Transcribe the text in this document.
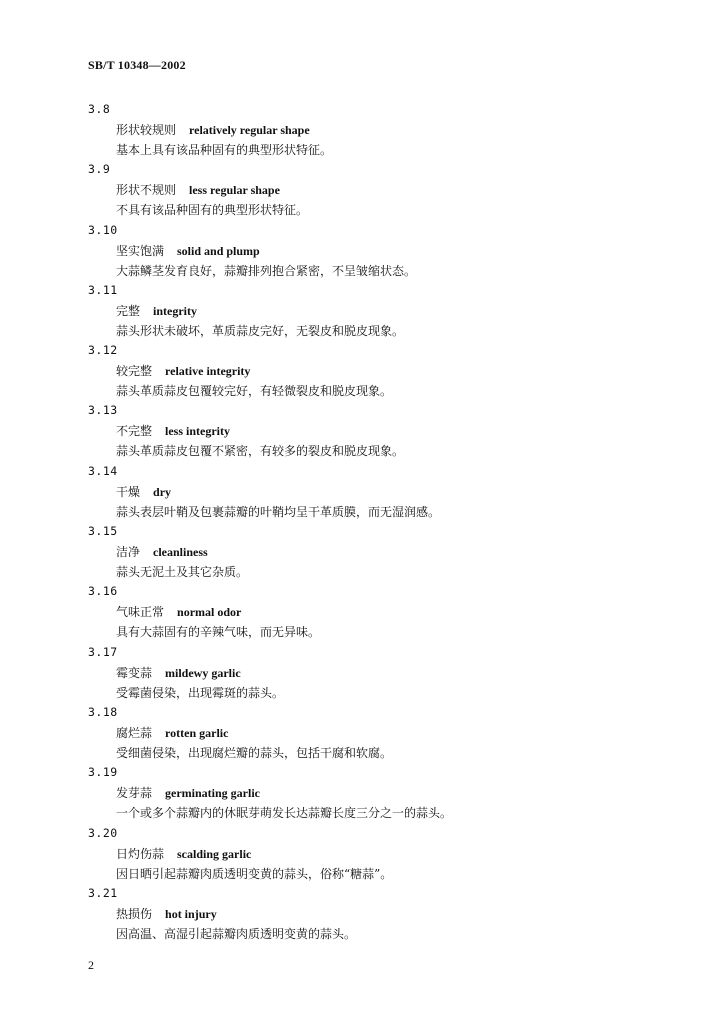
SB/T 10348—2002
3.8
形状较规则 relatively regular shape
基本上具有该品种固有的典型形状特征。
3.9
形状不规则 less regular shape
不具有该品种固有的典型形状特征。
3.10
坚实饱满 solid and plump
大蒜鳞茎发育良好，蒜瓣排列抱合紧密，不呈皱缩状态。
3.11
完整 integrity
蒜头形状未破坏，革质蒜皮完好，无裂皮和脱皮现象。
3.12
较完整 relative integrity
蒜头革质蒜皮包覆较完好，有轻微裂皮和脱皮现象。
3.13
不完整 less integrity
蒜头革质蒜皮包覆不紧密，有较多的裂皮和脱皮现象。
3.14
干燥 dry
蒜头表层叶鞘及包裹蒜瓣的叶鞘均呈干革质膜，而无湿润感。
3.15
洁净 cleanliness
蒜头无泥土及其它杂质。
3.16
气味正常 normal odor
具有大蒜固有的辛辣气味，而无异味。
3.17
霉变蒜 mildewy garlic
受霉菌侵染，出现霉斑的蒜头。
3.18
腐烂蒜 rotten garlic
受细菌侵染，出现腐烂瓣的蒜头，包括干腐和软腐。
3.19
发芽蒜 germinating garlic
一个或多个蒜瓣内的休眠芽萌发长达蒜瓣长度三分之一的蒜头。
3.20
日灼伤蒜 scalding garlic
因日晒引起蒜瓣肉质透明变黄的蒜头，俗称“糖蒜”。
3.21
热损伤 hot injury
因高温、高湿引起蒜瓣肉质透明变黄的蒜头。
2
